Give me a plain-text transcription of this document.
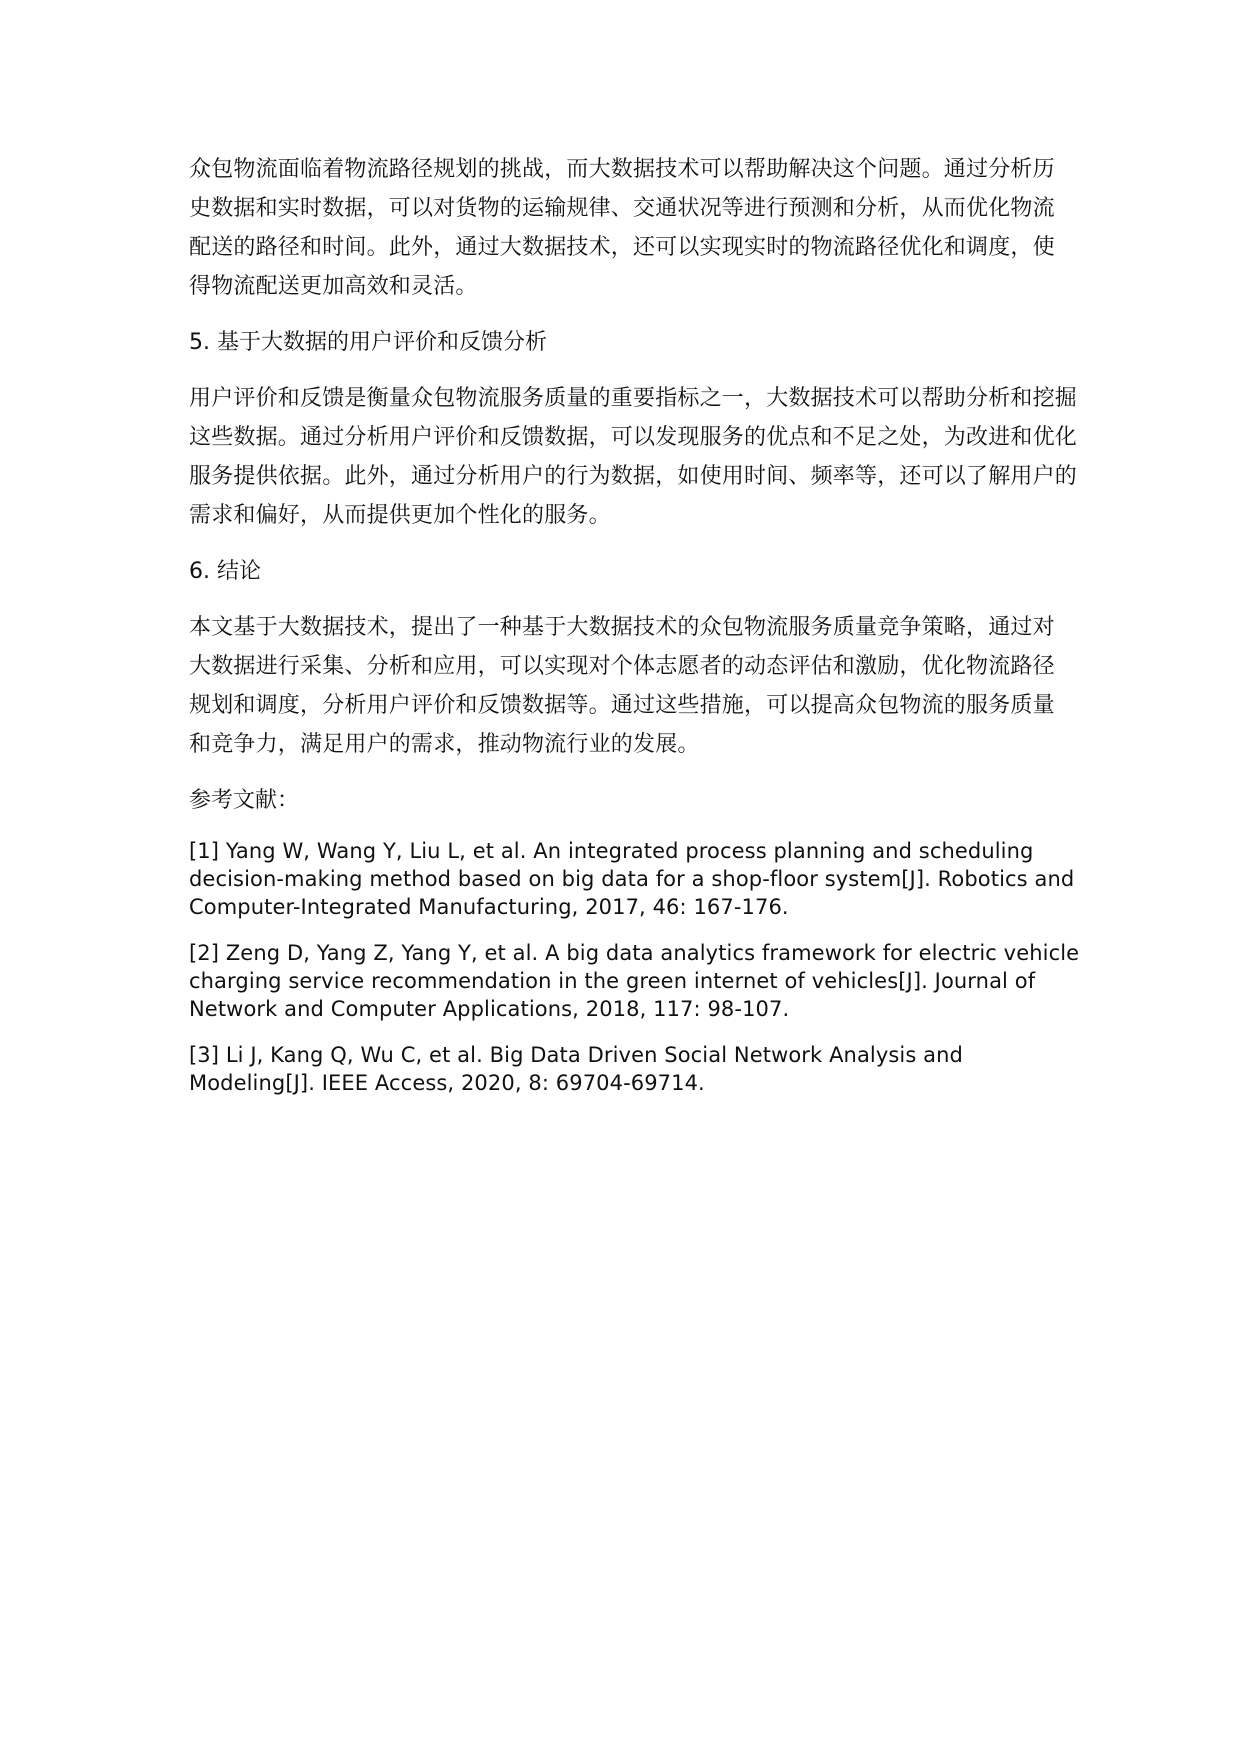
众包物流面临着物流路径规划的挑战，而大数据技术可以帮助解决这个问题。通过分析历史数据和实时数据，可以对货物的运输规律、交通状况等进行预测和分析，从而优化物流配送的路径和时间。此外，通过大数据技术，还可以实现实时的物流路径优化和调度，使得物流配送更加高效和灵活。

5. 基于大数据的用户评价和反馈分析

用户评价和反馈是衡量众包物流服务质量的重要指标之一，大数据技术可以帮助分析和挖掘这些数据。通过分析用户评价和反馈数据，可以发现服务的优点和不足之处，为改进和优化服务提供依据。此外，通过分析用户的行为数据，如使用时间、频率等，还可以了解用户的需求和偏好，从而提供更加个性化的服务。

6. 结论

本文基于大数据技术，提出了一种基于大数据技术的众包物流服务质量竞争策略，通过对大数据进行采集、分析和应用，可以实现对个体志愿者的动态评估和激励，优化物流路径规划和调度，分析用户评价和反馈数据等。通过这些措施，可以提高众包物流的服务质量和竞争力，满足用户的需求，推动物流行业的发展。

参考文献：

[1] Yang W, Wang Y, Liu L, et al. An integrated process planning and scheduling decision-making method based on big data for a shop-floor system[J]. Robotics and Computer-Integrated Manufacturing, 2017, 46: 167-176.

[2] Zeng D, Yang Z, Yang Y, et al. A big data analytics framework for electric vehicle charging service recommendation in the green internet of vehicles[J]. Journal of Network and Computer Applications, 2018, 117: 98-107.

[3] Li J, Kang Q, Wu C, et al. Big Data Driven Social Network Analysis and Modeling[J]. IEEE Access, 2020, 8: 69704-69714.
